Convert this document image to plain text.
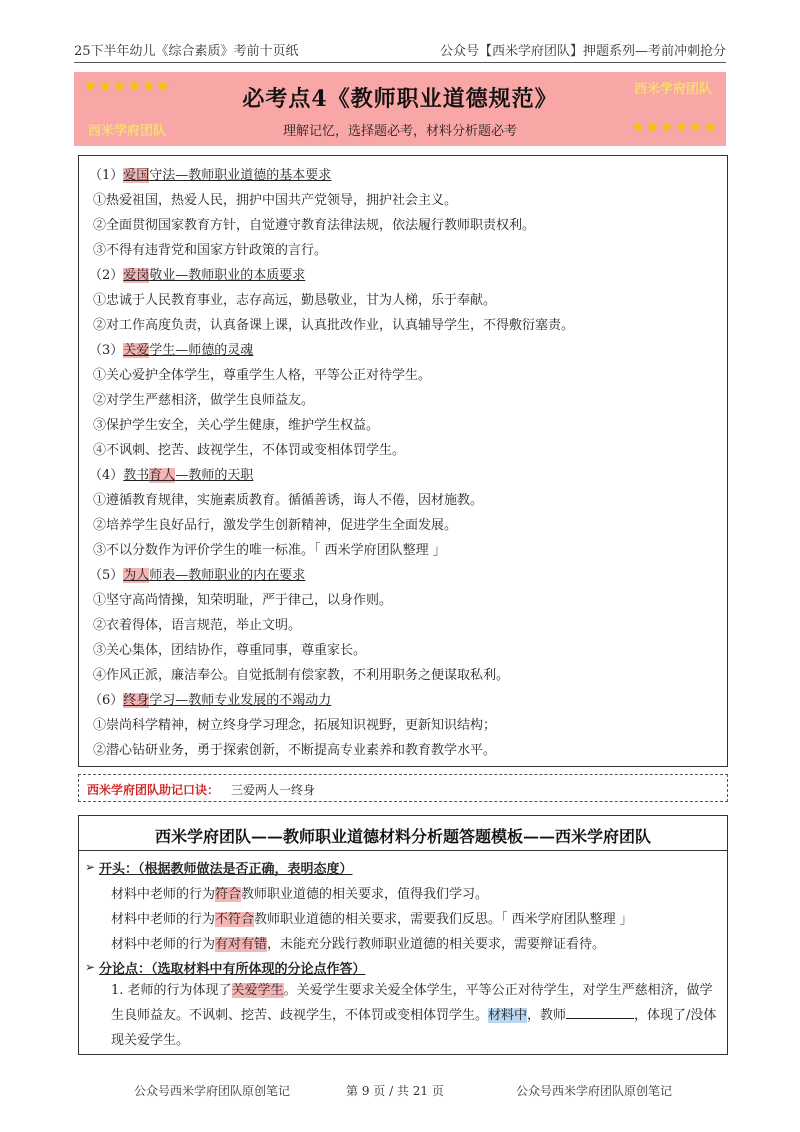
25下半年幼儿《综合素质》考前十页纸	公众号【西米学府团队】押题系列—考前冲刺抢分
★★★★★★	西米学府团队
必考点4《教师职业道德规范》
理解记忆，选择题必考，材料分析题必考
西米学府团队	★★★★★★
（1）爱国守法—教师职业道德的基本要求
①热爱祖国，热爱人民，拥护中国共产党领导，拥护社会主义。
②全面贯彻国家教育方针，自觉遵守教育法律法规，依法履行教师职责权利。
③不得有违背党和国家方针政策的言行。
（2）爱岗敬业—教师职业的本质要求
①忠诚于人民教育事业，志存高远，勤恳敬业，甘为人梯，乐于奉献。
②对工作高度负责，认真备课上课，认真批改作业，认真辅导学生，不得敷衍塞责。
（3）关爱学生—师德的灵魂
①关心爱护全体学生，尊重学生人格，平等公正对待学生。
②对学生严慈相济，做学生良师益友。
③保护学生安全，关心学生健康，维护学生权益。
④不讽刺、挖苦、歧视学生，不体罚或变相体罚学生。
（4）教书育人—教师的天职
①遵循教育规律，实施素质教育。循循善诱，诲人不倦，因材施教。
②培养学生良好品行，激发学生创新精神，促进学生全面发展。
③不以分数作为评价学生的唯一标准。「 西米学府团队整理 」
（5）为人师表—教师职业的内在要求
①坚守高尚情操，知荣明耻，严于律己，以身作则。
②衣着得体，语言规范，举止文明。
③关心集体，团结协作，尊重同事，尊重家长。
④作风正派，廉洁奉公。自觉抵制有偿家教，不利用职务之便谋取私利。
（6）终身学习—教师专业发展的不竭动力
①崇尚科学精神，树立终身学习理念，拓展知识视野，更新知识结构；
②潜心钻研业务，勇于探索创新，不断提高专业素养和教育教学水平。
西米学府团队助记口诀： 三爱两人一终身
西米学府团队——教师职业道德材料分析题答题模板——西米学府团队
➢ 开头：（根据教师做法是否正确，表明态度）
材料中老师的行为符合教师职业道德的相关要求，值得我们学习。
材料中老师的行为不符合教师职业道德的相关要求，需要我们反思。「 西米学府团队整理 」
材料中老师的行为有对有错，未能充分践行教师职业道德的相关要求，需要辩证看待。
➢ 分论点：（选取材料中有所体现的分论点作答）
1. 老师的行为体现了关爱学生。关爱学生要求关爱全体学生，平等公正对待学生，对学生严慈相济，做学生良师益友。不讽刺、挖苦、歧视学生，不体罚或变相体罚学生。材料中，教师	，体现了/没体现关爱学生。
公众号西米学府团队原创笔记	第 9 页 / 共 21 页	公众号西米学府团队原创笔记
